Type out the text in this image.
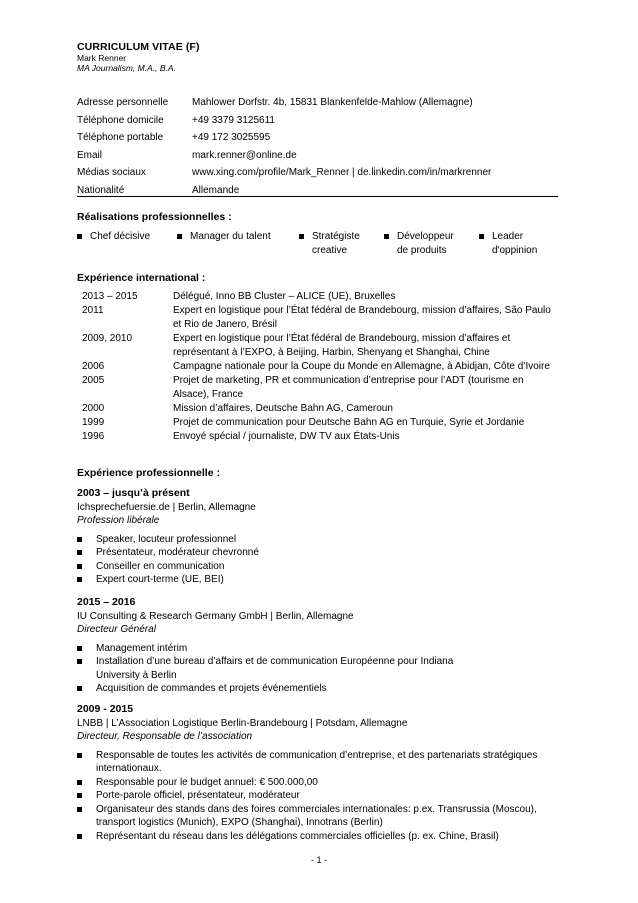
CURRICULUM VITAE (F)
Mark Renner
MA Journalism, M.A., B.A.
Adresse personnelle	Mahlower Dorfstr. 4b, 15831 Blankenfelde-Mahlow (Allemagne)
Téléphone domicile	+49 3379 3125611
Téléphone portable	+49 172 3025595
Email	mark.renner@online.de
Médias sociaux	www.xing.com/profile/Mark_Renner | de.linkedin.com/in/markrenner
Nationalité	Allemande
Réalisations professionnelles :
Chef décisive	Manager du talent	Stratégiste creative
Développeur de produits
Leader d'oppinion
Expérience international :
2013 – 2015	Délégué, Inno BB Cluster – ALICE (UE), Bruxelles
2011	Expert en logistique pour l’État fédéral de Brandebourg, mission d’affaires, São Paulo et Rio de Janero, Brésil
2009, 2010	Expert en logistique pour l’État fédéral de Brandebourg, mission d’affaires et représentant à l’EXPO, à Beijing, Harbin, Shenyang et Shanghai, Chine
2006	Campagne nationale pour la Coupe du Monde en Allemagne, à Abidjan, Côte d’Ivoire
2005	Projet de marketing, PR et communication d’entreprise pour l’ADT (tourisme en Alsace), France
2000	Mission d’affaires, Deutsche Bahn AG, Cameroun
1999	Projet de communication pour Deutsche Bahn AG en Turquie, Syrie et Jordanie
1996	Envoyé spécial / journaliste, DW TV aux États-Unis
Expérience professionnelle :
2003 – jusqu’à présent
Ichsprechefuersie.de | Berlin, Allemagne
Profession libérale
Speaker, locuteur professionnel
Présentateur, modérateur chevronné
Conseiller en communication
Expert court-terme (UE, BEI)
2015 – 2016
IU Consulting & Research Germany GmbH | Berlin, Allemagne
Directeur Général
Management intérim
Installation d’une bureau d’affairs et de communication Européenne pour Indiana University à Berlin
Acquisition de commandes et projets événementiels
2009 - 2015
LNBB | L’Association Logistique Berlin-Brandebourg | Potsdam, Allemagne
Directeur, Responsable de l’association
Responsable de toutes les activités de communication d’entreprise, et des partenariats stratégiques internationaux.
Responsable pour le budget annuel: € 500.000,00
Porte-parole officiel, présentateur, modérateur
Organisateur des stands dans des foires commerciales internationales: p.ex. Transrussia (Moscou), transport logistics (Munich), EXPO (Shanghai), Innotrans (Berlin)
Représentant du réseau dans les délégations commerciales officielles (p. ex. Chine, Brasil)
- 1 -
